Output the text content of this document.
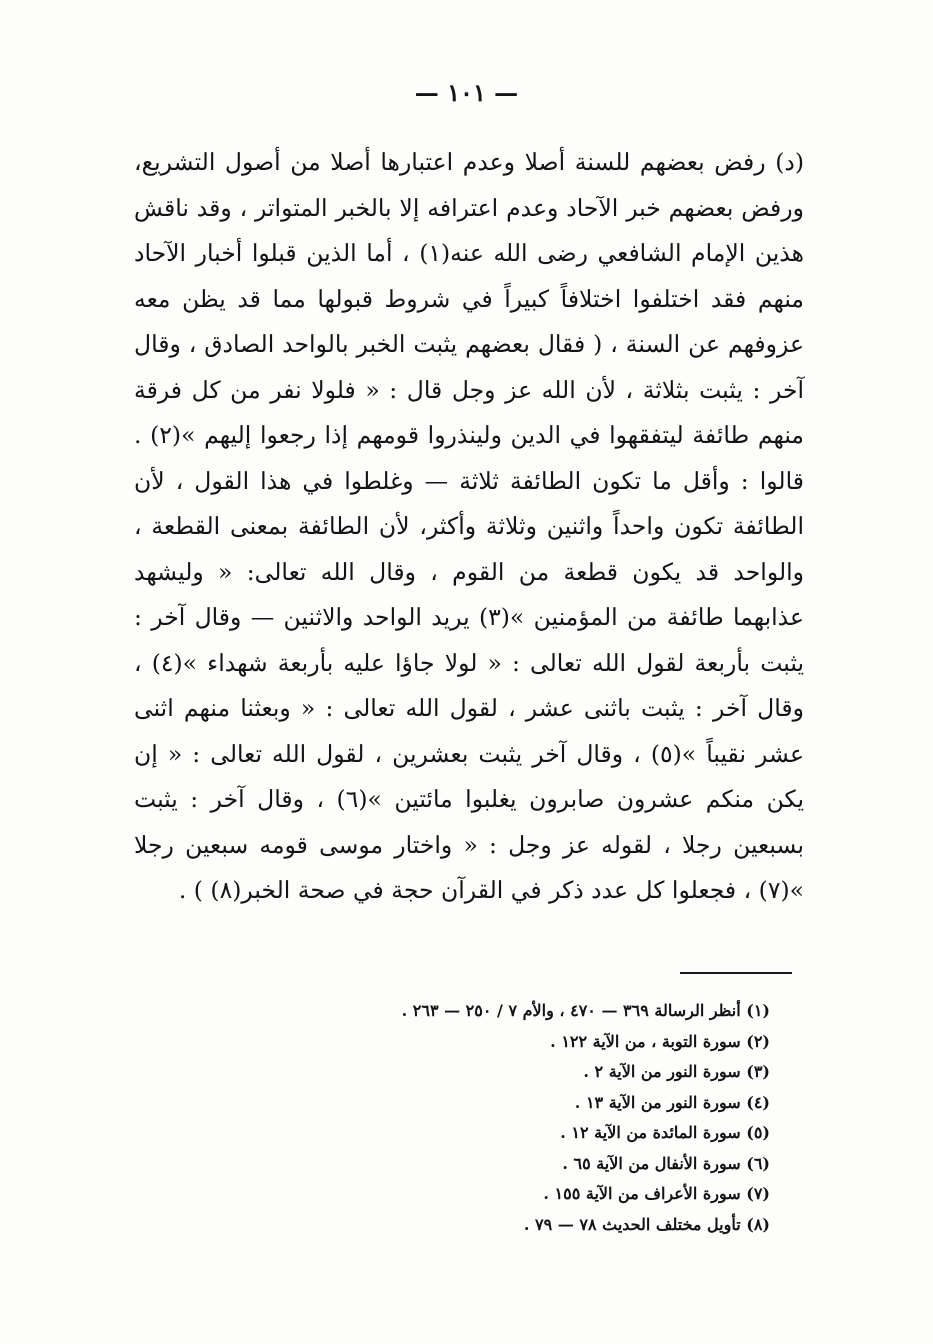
— ١٠١ —

(د) رفض بعضهم للسنة أصلا وعدم اعتبارها أصلا من أصول التشريع، ورفض بعضهم خبر الآحاد وعدم اعترافه إلا بالخبر المتواتر ، وقد ناقش هذين الإمام الشافعي رضى الله عنه(١) ، أما الذين قبلوا أخبار الآحاد منهم فقد اختلفوا اختلافاً كبيراً في شروط قبولها مما قد يظن معه عزوفهم عن السنة ، ( فقال بعضهم يثبت الخبر بالواحد الصادق ، وقال آخر : يثبت بثلاثة ، لأن الله عز وجل قال : « فلولا نفر من كل فرقة منهم طائفة ليتفقهوا في الدين ولينذروا قومهم إذا رجعوا إليهم »(٢) . قالوا : وأقل ما تكون الطائفة ثلاثة — وغلطوا في هذا القول ، لأن الطائفة تكون واحداً واثنين وثلاثة وأكثر، لأن الطائفة بمعنى القطعة ، والواحد قد يكون قطعة من القوم ، وقال الله تعالى: « وليشهد عذابهما طائفة من المؤمنين »(٣) يريد الواحد والاثنين — وقال آخر : يثبت بأربعة لقول الله تعالى : « لولا جاؤا عليه بأربعة شهداء »(٤) ، وقال آخر : يثبت باثنى عشر ، لقول الله تعالى : « وبعثنا منهم اثنى عشر نقيباً »(٥) ، وقال آخر يثبت بعشرين ، لقول الله تعالى : « إن يكن منكم عشرون صابرون يغلبوا مائتين »(٦) ، وقال آخر : يثبت بسبعين رجلا ، لقوله عز وجل : « واختار موسى قومه سبعين رجلا »(٧) ، فجعلوا كل عدد ذكر في القرآن حجة في صحة الخبر(٨) ) .

(١) أنظر الرسالة ٣٦٩ — ٤٧٠ ، والأم ٧ / ٢٥٠ — ٢٦٣ .
(٢) سورة التوبة ، من الآية ١٢٢ .
(٣) سورة النور من الآية ٢ .
(٤) سورة النور من الآية ١٣ .
(٥) سورة المائدة من الآية ١٢ .
(٦) سورة الأنفال من الآية ٦٥ .
(٧) سورة الأعراف من الآية ١٥٥ .
(٨) تأويل مختلف الحديث ٧٨ — ٧٩ .
